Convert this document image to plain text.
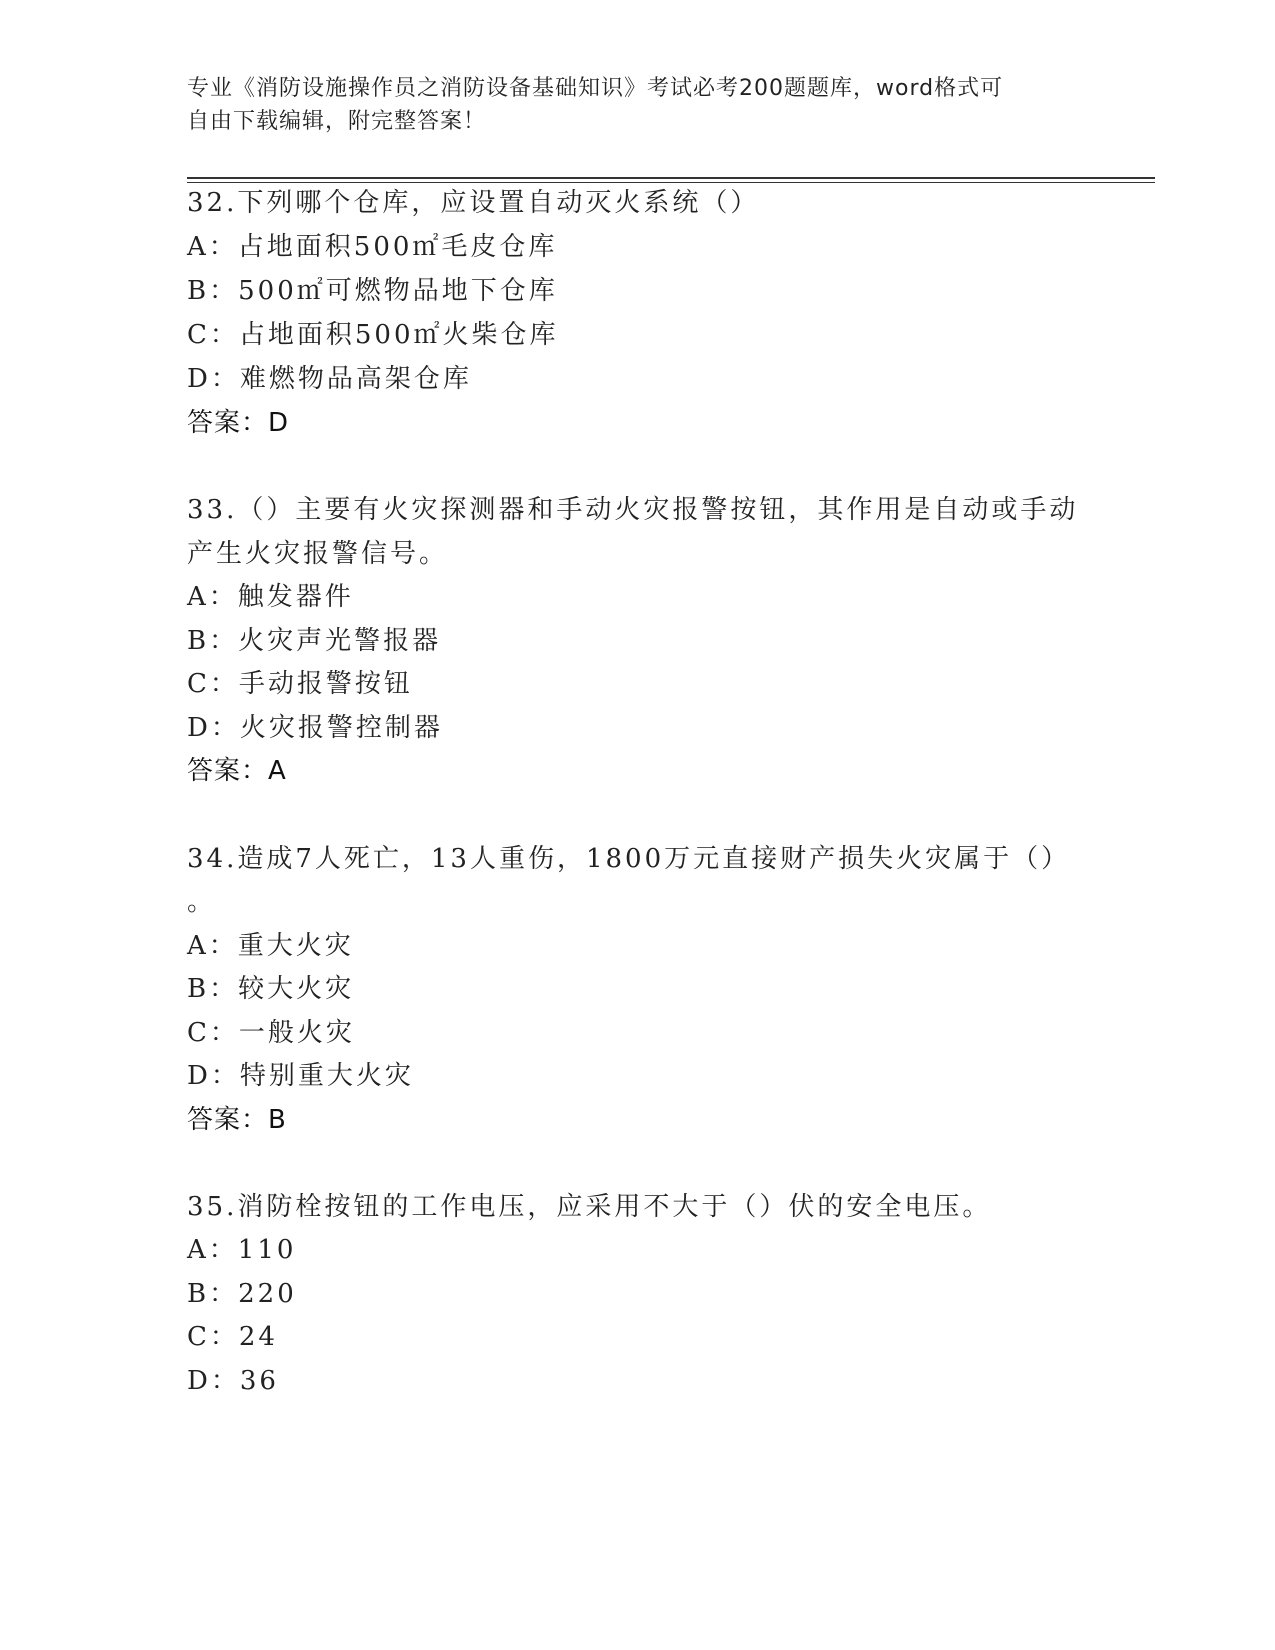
专业《消防设施操作员之消防设备基础知识》考试必考200题题库，word格式可
自由下载编辑，附完整答案！
32.下列哪个仓库，应设置自动灭火系统（）
A：占地面积500㎡毛皮仓库
B：500㎡可燃物品地下仓库
C：占地面积500㎡火柴仓库
D：难燃物品高架仓库
答案：D
33.（）主要有火灾探测器和手动火灾报警按钮，其作用是自动或手动
产生火灾报警信号。
A：触发器件
B：火灾声光警报器
C：手动报警按钮
D：火灾报警控制器
答案：A
34.造成7人死亡，13人重伤，1800万元直接财产损失火灾属于（）
。
A：重大火灾
B：较大火灾
C：一般火灾
D：特别重大火灾
答案：B
35.消防栓按钮的工作电压，应采用不大于（）伏的安全电压。
A：110
B：220
C：24
D：36
